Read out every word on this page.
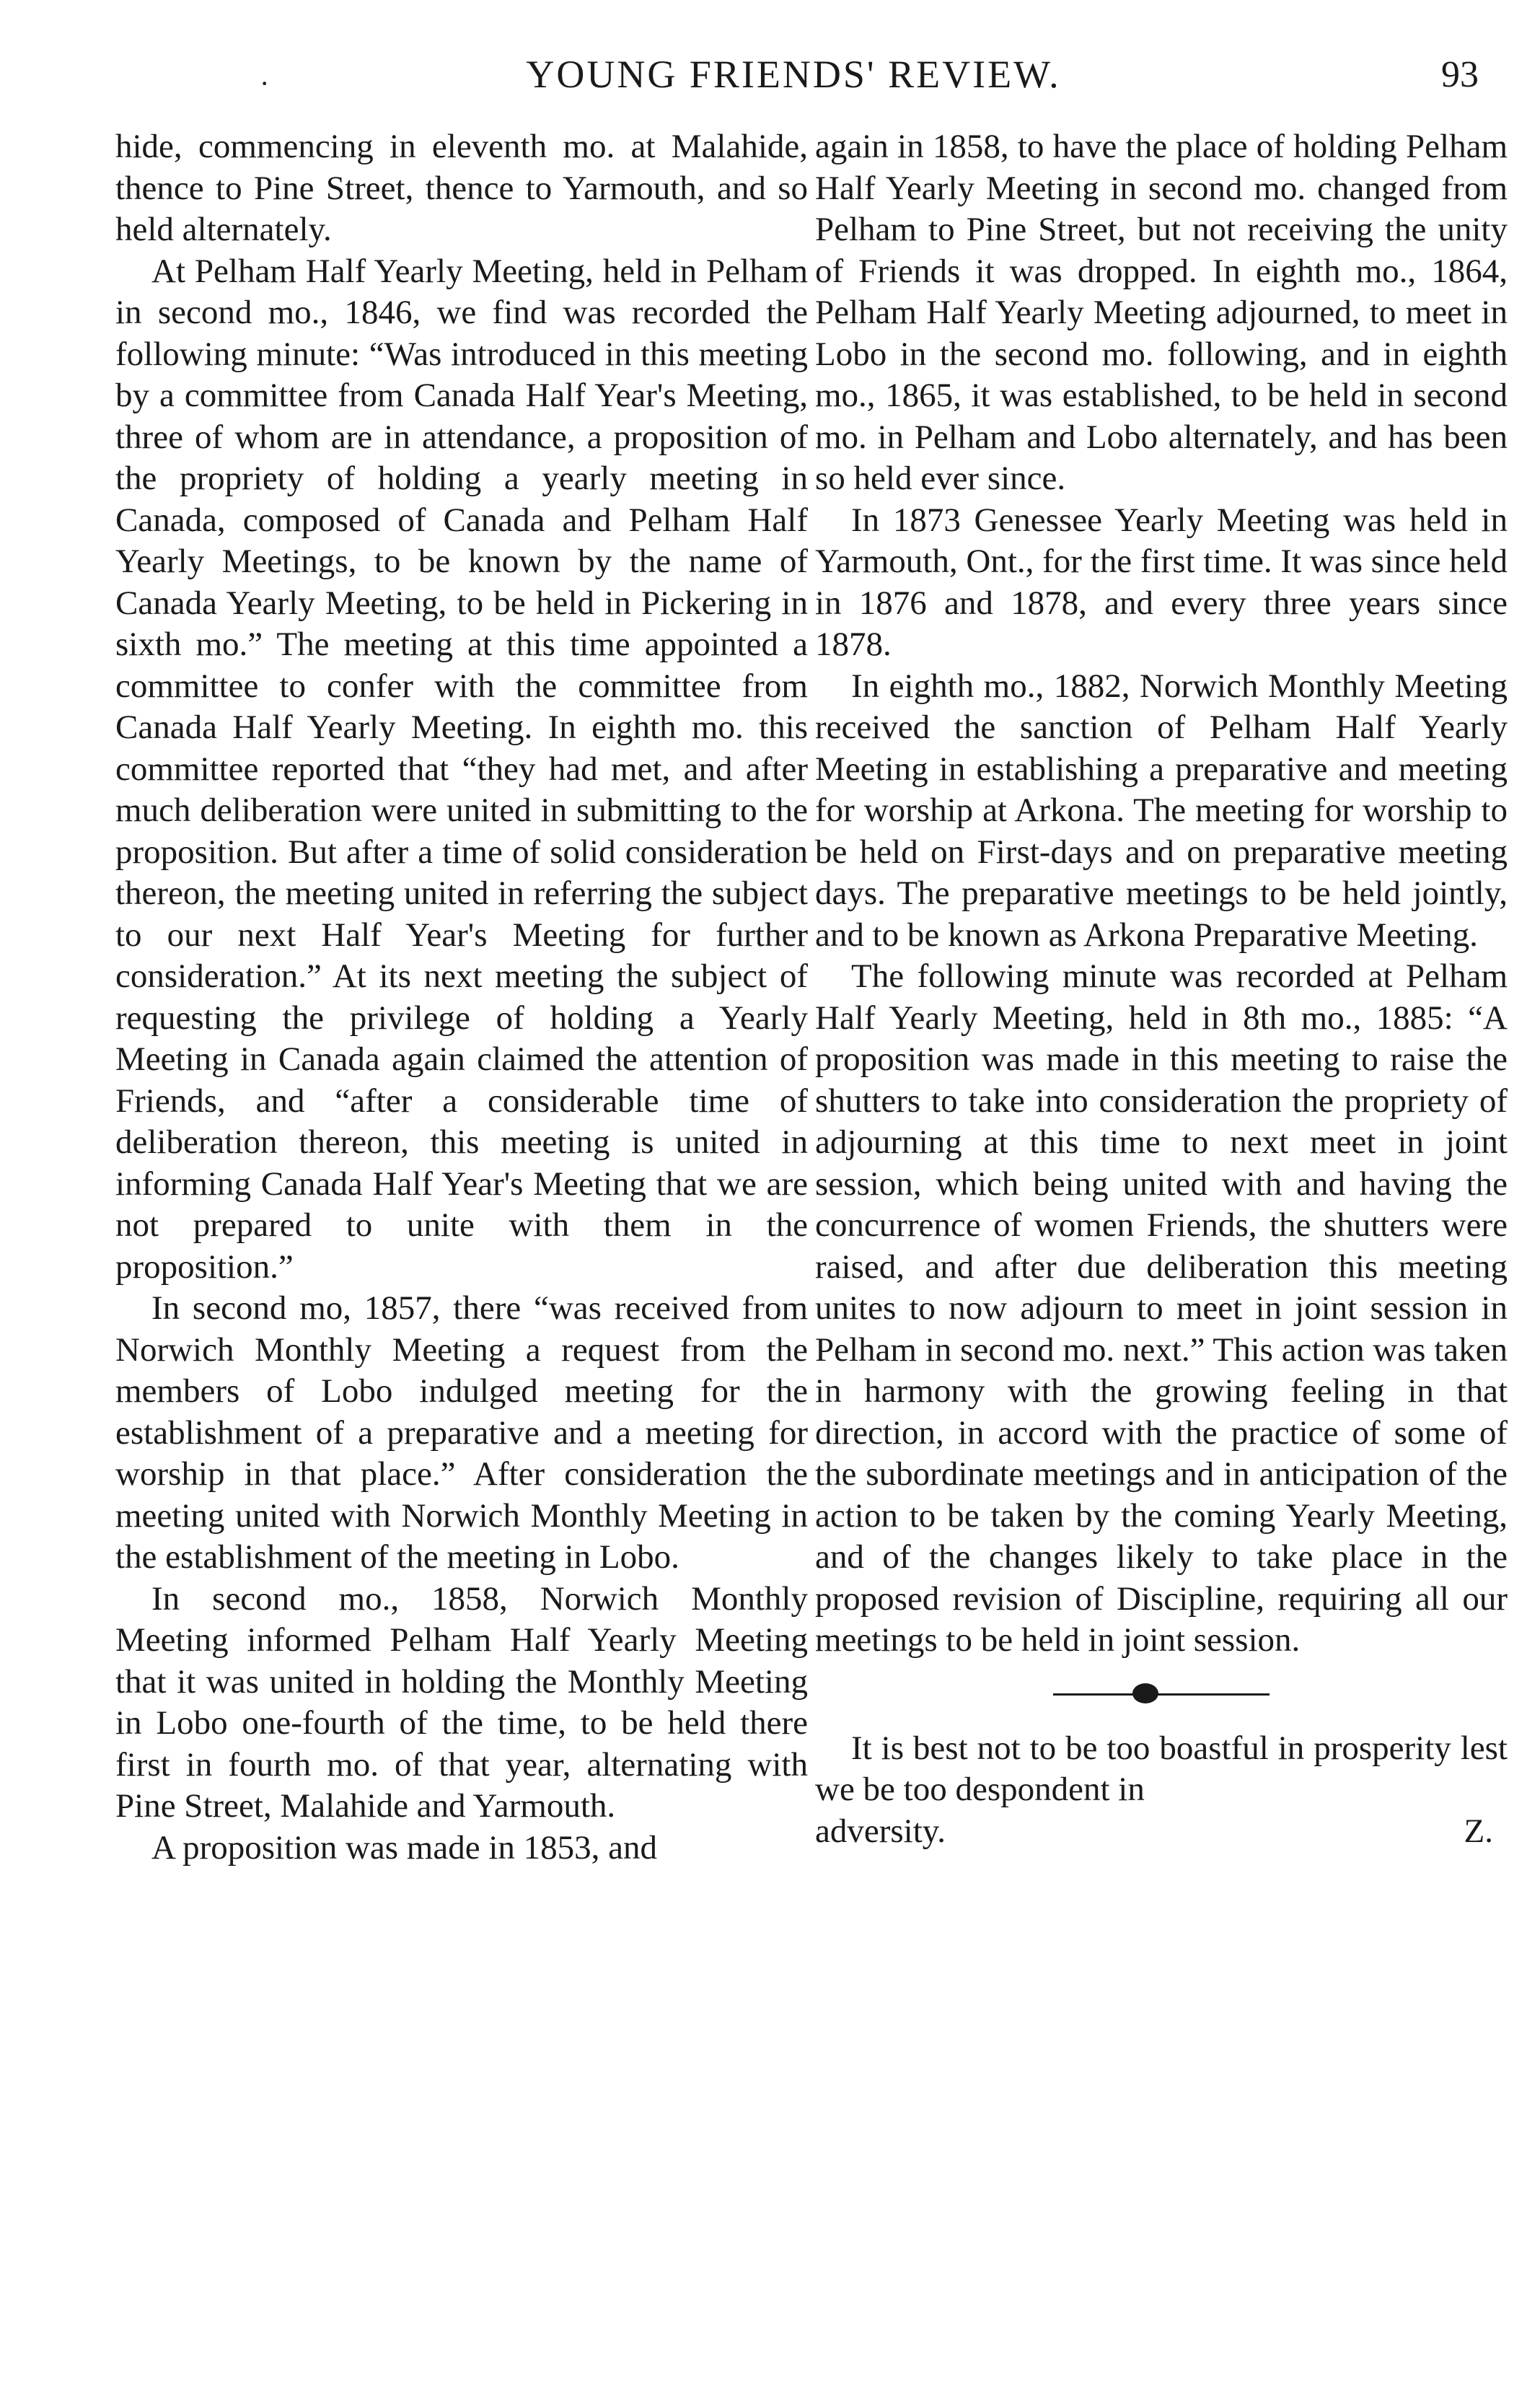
·	YOUNG FRIENDS' REVIEW.	93

hide, commencing in eleventh mo. at Malahide, thence to Pine Street, thence to Yarmouth, and so held alternately.

At Pelham Half Yearly Meeting, held in Pelham in second mo., 1846, we find was recorded the following minute: “Was introduced in this meeting by a committee from Canada Half Year's Meeting, three of whom are in attendance, a proposition of the propriety of holding a yearly meeting in Canada, composed of Canada and Pelham Half Yearly Meetings, to be known by the name of Canada Yearly Meeting, to be held in Pickering in sixth mo.” The meeting at this time appointed a committee to confer with the committee from Canada Half Yearly Meeting. In eighth mo. this committee reported that “they had met, and after much deliberation were united in submitting to the proposition. But after a time of solid consideration thereon, the meeting united in referring the subject to our next Half Year's Meeting for further consideration.” At its next meeting the subject of requesting the privilege of holding a Yearly Meeting in Canada again claimed the attention of Friends, and “after a considerable time of deliberation thereon, this meeting is united in informing Canada Half Year's Meeting that we are not prepared to unite with them in the proposition.”

In second mo, 1857, there “was received from Norwich Monthly Meeting a request from the members of Lobo indulged meeting for the establishment of a preparative and a meeting for worship in that place.” After consideration the meeting united with Norwich Monthly Meeting in the establishment of the meeting in Lobo.

In second mo., 1858, Norwich Monthly Meeting informed Pelham Half Yearly Meeting that it was united in holding the Monthly Meeting in Lobo one-fourth of the time, to be held there first in fourth mo. of that year, alternating with Pine Street, Malahide and Yarmouth.

A proposition was made in 1853, and

again in 1858, to have the place of holding Pelham Half Yearly Meeting in second mo. changed from Pelham to Pine Street, but not receiving the unity of Friends it was dropped. In eighth mo., 1864, Pelham Half Yearly Meeting adjourned, to meet in Lobo in the second mo. following, and in eighth mo., 1865, it was established, to be held in second mo. in Pelham and Lobo alternately, and has been so held ever since.

In 1873 Genessee Yearly Meeting was held in Yarmouth, Ont., for the first time. It was since held in 1876 and 1878, and every three years since 1878.

In eighth mo., 1882, Norwich Monthly Meeting received the sanction of Pelham Half Yearly Meeting in establishing a preparative and meeting for worship at Arkona. The meeting for worship to be held on First-days and on preparative meeting days. The preparative meetings to be held jointly, and to be known as Arkona Preparative Meeting.

The following minute was recorded at Pelham Half Yearly Meeting, held in 8th mo., 1885: “A proposition was made in this meeting to raise the shutters to take into consideration the propriety of adjourning at this time to next meet in joint session, which being united with and having the concurrence of women Friends, the shutters were raised, and after due deliberation this meeting unites to now adjourn to meet in joint session in Pelham in second mo. next.” This action was taken in harmony with the growing feeling in that direction, in accord with the practice of some of the subordinate meetings and in anticipation of the action to be taken by the coming Yearly Meeting, and of the changes likely to take place in the proposed revision of Discipline, requiring all our meetings to be held in joint session.

It is best not to be too boastful in prosperity lest we be too despondent in

adversity.	Z.
